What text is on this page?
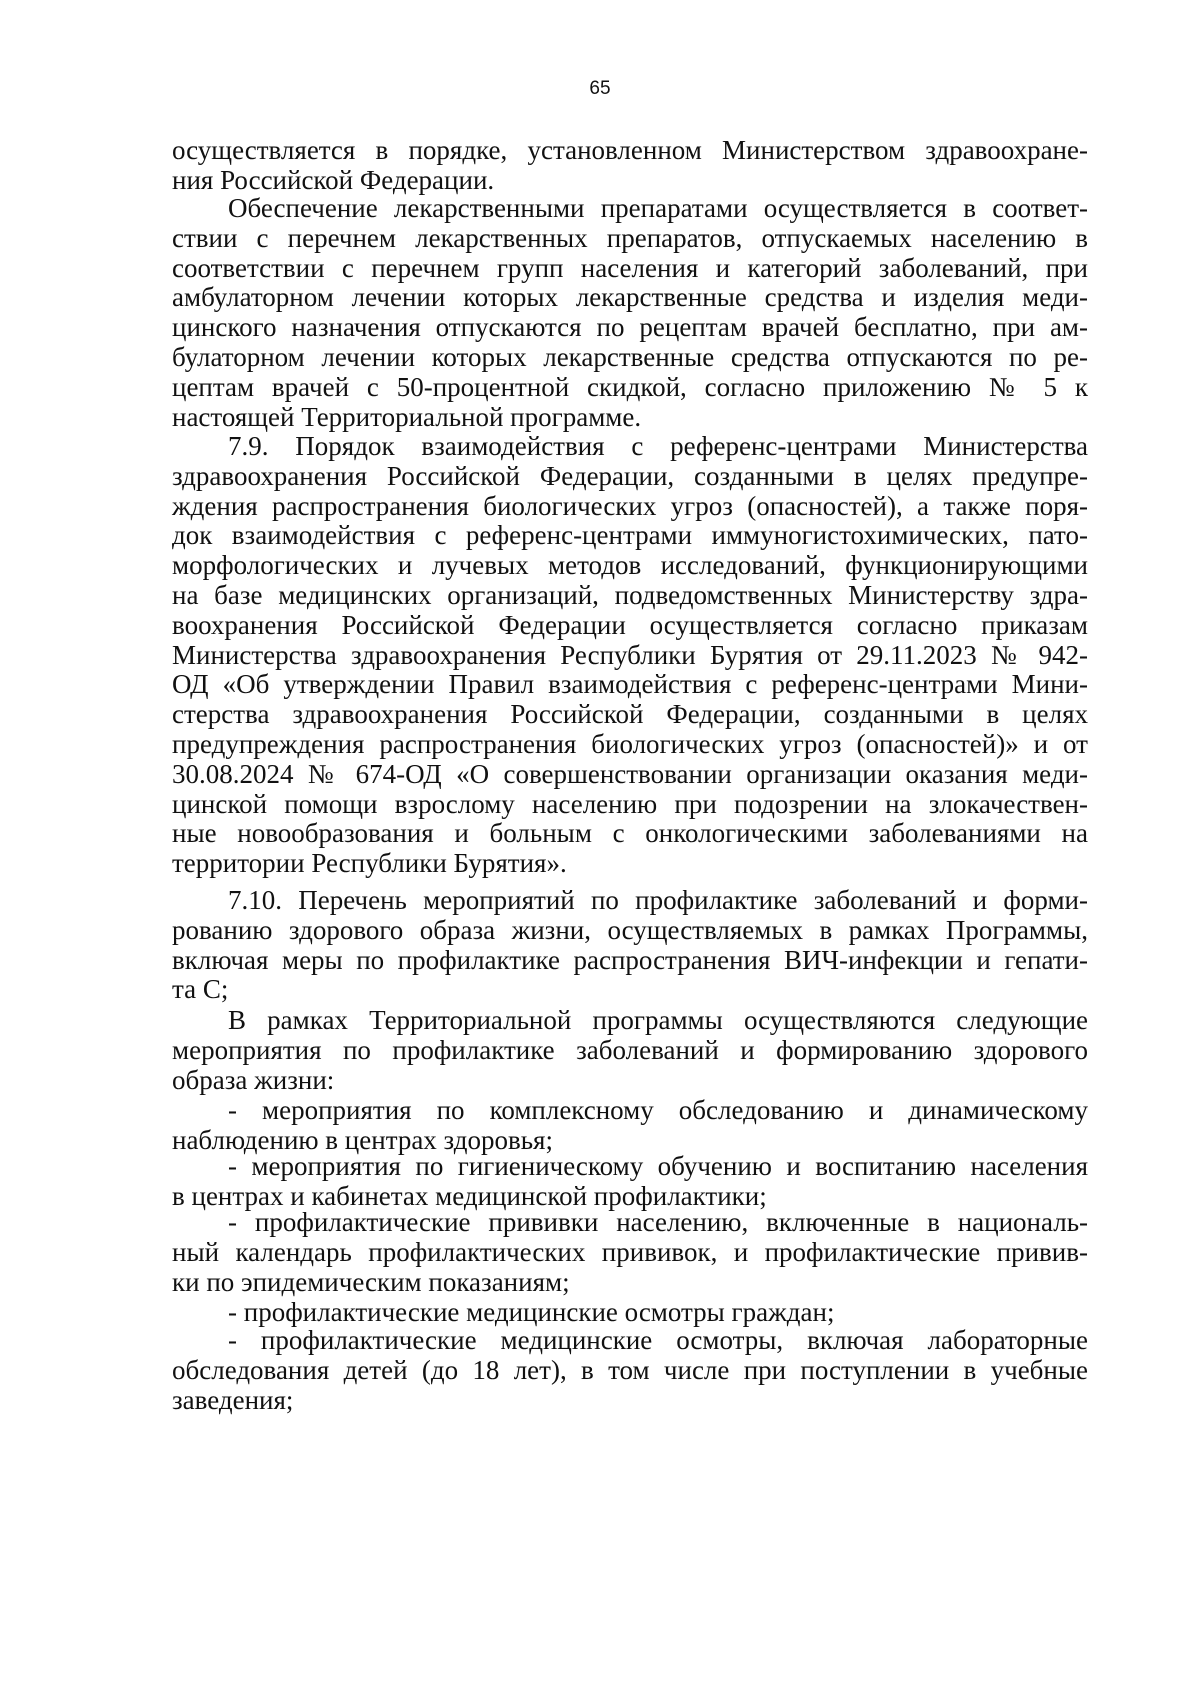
65
осуществляется в порядке, установленном Министерством здравоохране-
ния Российской Федерации.
Обеспечение лекарственными препаратами осуществляется в соответ-
ствии с перечнем лекарственных препаратов, отпускаемых населению в
соответствии с перечнем групп населения и категорий заболеваний, при
амбулаторном лечении которых лекарственные средства и изделия меди-
цинского назначения отпускаются по рецептам врачей бесплатно, при ам-
булаторном лечении которых лекарственные средства отпускаются по ре-
цептам врачей с 50-процентной скидкой, согласно приложению № 5 к
настоящей Территориальной программе.
7.9. Порядок взаимодействия с референс-центрами Министерства
здравоохранения Российской Федерации, созданными в целях предупре-
ждения распространения биологических угроз (опасностей), а также поря-
док взаимодействия с референс-центрами иммуногистохимических, пато-
морфологических и лучевых методов исследований, функционирующими
на базе медицинских организаций, подведомственных Министерству здра-
воохранения Российской Федерации осуществляется согласно приказам
Министерства здравоохранения Республики Бурятия от 29.11.2023 № 942-
ОД «Об утверждении Правил взаимодействия с референс-центрами Мини-
стерства здравоохранения Российской Федерации, созданными в целях
предупреждения распространения биологических угроз (опасностей)» и от
30.08.2024 № 674-ОД «О совершенствовании организации оказания меди-
цинской помощи взрослому населению при подозрении на злокачествен-
ные новообразования и больным с онкологическими заболеваниями на
территории Республики Бурятия».
7.10. Перечень мероприятий по профилактике заболеваний и форми-
рованию здорового образа жизни, осуществляемых в рамках Программы,
включая меры по профилактике распространения ВИЧ-инфекции и гепати-
та С;
В рамках Территориальной программы осуществляются следующие
мероприятия по профилактике заболеваний и формированию здорового
образа жизни:
- мероприятия по комплексному обследованию и динамическому
наблюдению в центрах здоровья;
- мероприятия по гигиеническому обучению и воспитанию населения
в центрах и кабинетах медицинской профилактики;
- профилактические прививки населению, включенные в националь-
ный календарь профилактических прививок, и профилактические привив-
ки по эпидемическим показаниям;
- профилактические медицинские осмотры граждан;
- профилактические медицинские осмотры, включая лабораторные
обследования детей (до 18 лет), в том числе при поступлении в учебные
заведения;
